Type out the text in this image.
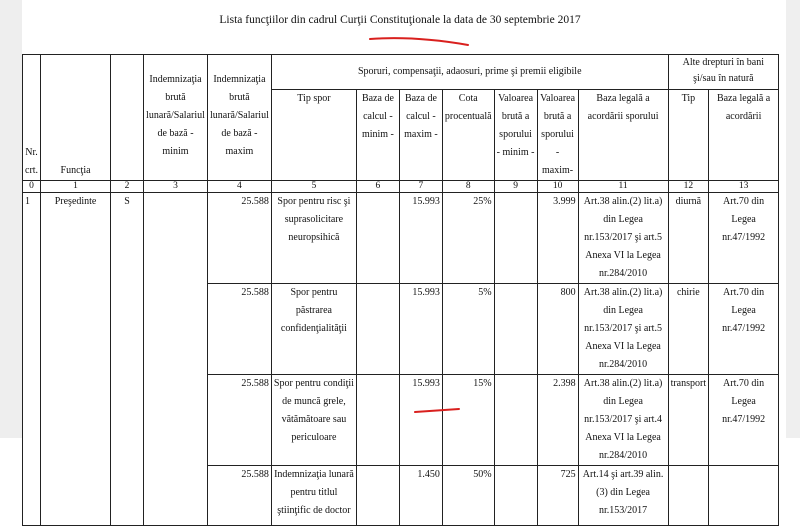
Lista funcţiilor din cadrul Curţii Constituţionale la data de 30 septembrie 2017
Nr. crt.	Funcţia		Indemnizaţia brută lunară/Salariul de bază - minim	Indemnizaţia brută lunară/Salariul de bază - maxim	Sporuri, compensaţii, adaosuri, prime şi premii eligibile							Alte drepturi în bani şi/sau în natură	
					Tip spor	Baza de calcul - minim -	Baza de calcul - maxim -	Cota procentuală	Valoarea brută a sporului - minim -	Valoarea brută a sporului - maxim-	Baza legală a acordării sporului	Tip	Baza legală a acordării

0	1	2	3	4	5	6	7	8	9	10	11	12	13
1	Preşedinte	S		25.588	Spor pentru risc şi suprasolicitare neuropsihică		15.993	25%		3.999	Art.38 alin.(2) lit.a) din Legea nr.153/2017 şi art.5 Anexa VI la Legea nr.284/2010	diurnă	Art.70 din Legea nr.47/1992
				25.588	Spor pentru păstrarea confidenţialităţii		15.993	5%		800	Art.38 alin.(2) lit.a) din Legea nr.153/2017 şi art.5 Anexa VI la Legea nr.284/2010	chirie	Art.70 din Legea nr.47/1992
				25.588	Spor pentru condiţii de muncă grele, vătămătoare sau periculoare		15.993	15%		2.398	Art.38 alin.(2) lit.a) din Legea nr.153/2017 şi art.4 Anexa VI la Legea nr.284/2010	transport	Art.70 din Legea nr.47/1992
				25.588	Indemnizaţia lunară pentru titlul ştiinţific de doctor		1.450	50%		725	Art.14 şi art.39 alin.(3) din Legea nr.153/2017		
